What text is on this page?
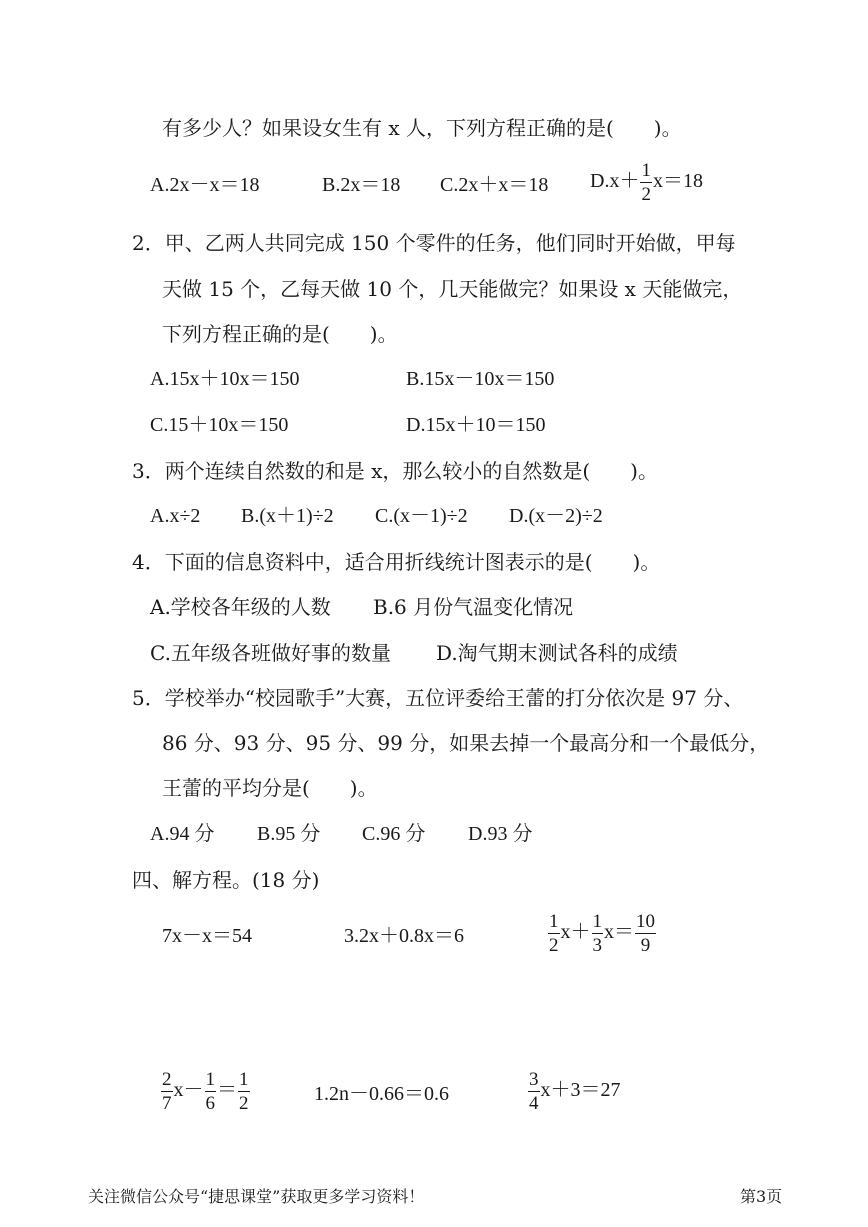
有多少人？如果设女生有 x 人，下列方程正确的是(　　)。
A.2x－x＝18	B.2x＝18 C.2x＋x＝18 $D.x+ \frac{1}{2} x=18$
2．甲、乙两人共同完成 150 个零件的任务，他们同时开始做，甲每
天做 15 个，乙每天做 10 个，几天能做完？如果设 x 天能做完，
下列方程正确的是(　　)。
A.15x＋10x＝150	B.15x－10x＝150
C.15＋10x＝150	D.15x＋10＝150
3．两个连续自然数的和是 x，那么较小的自然数是(　　)。
A.x÷2 B.(x＋1)÷2 C.(x－1)÷2 D.(x－2)÷2
4．下面的信息资料中，适合用折线统计图表示的是(　　)。
A.学校各年级的人数 B.6 月份气温变化情况
C.五年级各班做好事的数量 D.淘气期末测试各科的成绩
5．学校举办“校园歌手”大赛，五位评委给王蕾的打分依次是 97 分、
86 分、93 分、95 分、99 分，如果去掉一个最高分和一个最低分，
王蕾的平均分是(　　)。
A.94 分 B.95 分 C.96 分 D.93 分
四、解方程。(18 分)
7x－x＝54	3.2x＋0.8x＝6	$\frac{1}{2} x+ \frac{1}{3} x= \frac{10}{9}$
$\frac{2}{7} x- \frac{1}{6} = \frac{1}{2}$	1.2n－0.66＝0.6	$\frac{3}{4} x+3=27$
关注微信公众号“捷思课堂”获取更多学习资料！	第3页
